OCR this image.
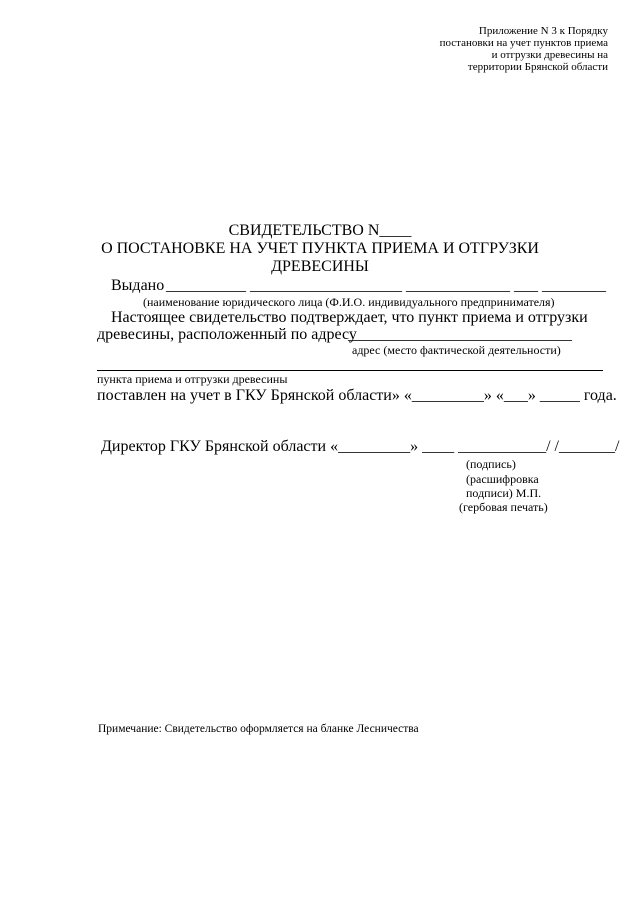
Приложение N 3 к Порядку
постановки на учет пунктов приема
и отгрузки древесины на
территории Брянской области
СВИДЕТЕЛЬСТВО N____
О ПОСТАНОВКЕ НА УЧЕТ ПУНКТА ПРИЕМА И ОТГРУЗКИ
ДРЕВЕСИНЫ
Выдано __________ ___________________ _____________ ___ ________
(наименование юридического лица (Ф.И.О. индивидуального предпринимателя)
Настоящее свидетельство подтверждает, что пункт приема и отгрузки
древесины, расположенный по адресу
____________________________
адрес (место фактической деятельности)
пункта приема и отгрузки древесины
поставлен на учет в ГКУ Брянской области» «_________» «___» _____ года.
Директор ГКУ Брянской области «_________» ____ ___________/ /_______/
(подпись)
(расшифровка
подписи) М.П.
(гербовая печать)
Примечание: Свидетельство оформляется на бланке Лесничества
